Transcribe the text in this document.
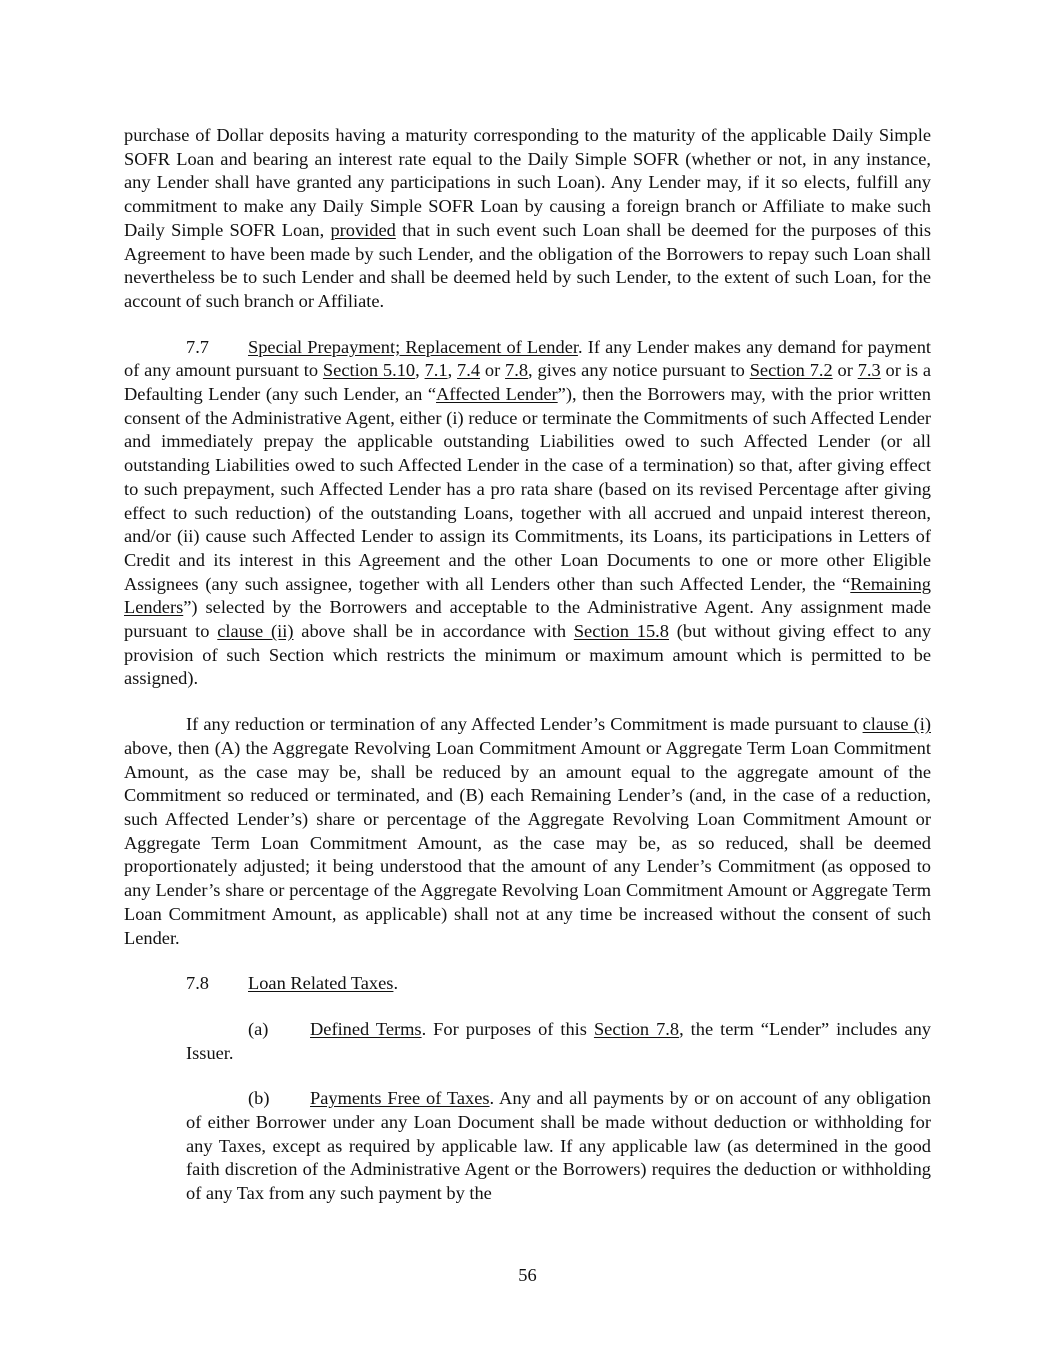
purchase of Dollar deposits having a maturity corresponding to the maturity of the applicable Daily Simple SOFR Loan and bearing an interest rate equal to the Daily Simple SOFR (whether or not, in any instance, any Lender shall have granted any participations in such Loan). Any Lender may, if it so elects, fulfill any commitment to make any Daily Simple SOFR Loan by causing a foreign branch or Affiliate to make such Daily Simple SOFR Loan, provided that in such event such Loan shall be deemed for the purposes of this Agreement to have been made by such Lender, and the obligation of the Borrowers to repay such Loan shall nevertheless be to such Lender and shall be deemed held by such Lender, to the extent of such Loan, for the account of such branch or Affiliate.

7.7 Special Prepayment; Replacement of Lender. If any Lender makes any demand for payment of any amount pursuant to Section 5.10, 7.1, 7.4 or 7.8, gives any notice pursuant to Section 7.2 or 7.3 or is a Defaulting Lender (any such Lender, an “Affected Lender”), then the Borrowers may, with the prior written consent of the Administrative Agent, either (i) reduce or terminate the Commitments of such Affected Lender and immediately prepay the applicable outstanding Liabilities owed to such Affected Lender (or all outstanding Liabilities owed to such Affected Lender in the case of a termination) so that, after giving effect to such prepayment, such Affected Lender has a pro rata share (based on its revised Percentage after giving effect to such reduction) of the outstanding Loans, together with all accrued and unpaid interest thereon, and/or (ii) cause such Affected Lender to assign its Commitments, its Loans, its participations in Letters of Credit and its interest in this Agreement and the other Loan Documents to one or more other Eligible Assignees (any such assignee, together with all Lenders other than such Affected Lender, the “Remaining Lenders”) selected by the Borrowers and acceptable to the Administrative Agent. Any assignment made pursuant to clause (ii) above shall be in accordance with Section 15.8 (but without giving effect to any provision of such Section which restricts the minimum or maximum amount which is permitted to be assigned).

If any reduction or termination of any Affected Lender’s Commitment is made pursuant to clause (i) above, then (A) the Aggregate Revolving Loan Commitment Amount or Aggregate Term Loan Commitment Amount, as the case may be, shall be reduced by an amount equal to the aggregate amount of the Commitment so reduced or terminated, and (B) each Remaining Lender’s (and, in the case of a reduction, such Affected Lender’s) share or percentage of the Aggregate Revolving Loan Commitment Amount or Aggregate Term Loan Commitment Amount, as the case may be, as so reduced, shall be deemed proportionately adjusted; it being understood that the amount of any Lender’s Commitment (as opposed to any Lender’s share or percentage of the Aggregate Revolving Loan Commitment Amount or Aggregate Term Loan Commitment Amount, as applicable) shall not at any time be increased without the consent of such Lender.

7.8 Loan Related Taxes.

(a) Defined Terms. For purposes of this Section 7.8, the term “Lender” includes any Issuer.

(b) Payments Free of Taxes. Any and all payments by or on account of any obligation of either Borrower under any Loan Document shall be made without deduction or withholding for any Taxes, except as required by applicable law. If any applicable law (as determined in the good faith discretion of the Administrative Agent or the Borrowers) requires the deduction or withholding of any Tax from any such payment by the

56
